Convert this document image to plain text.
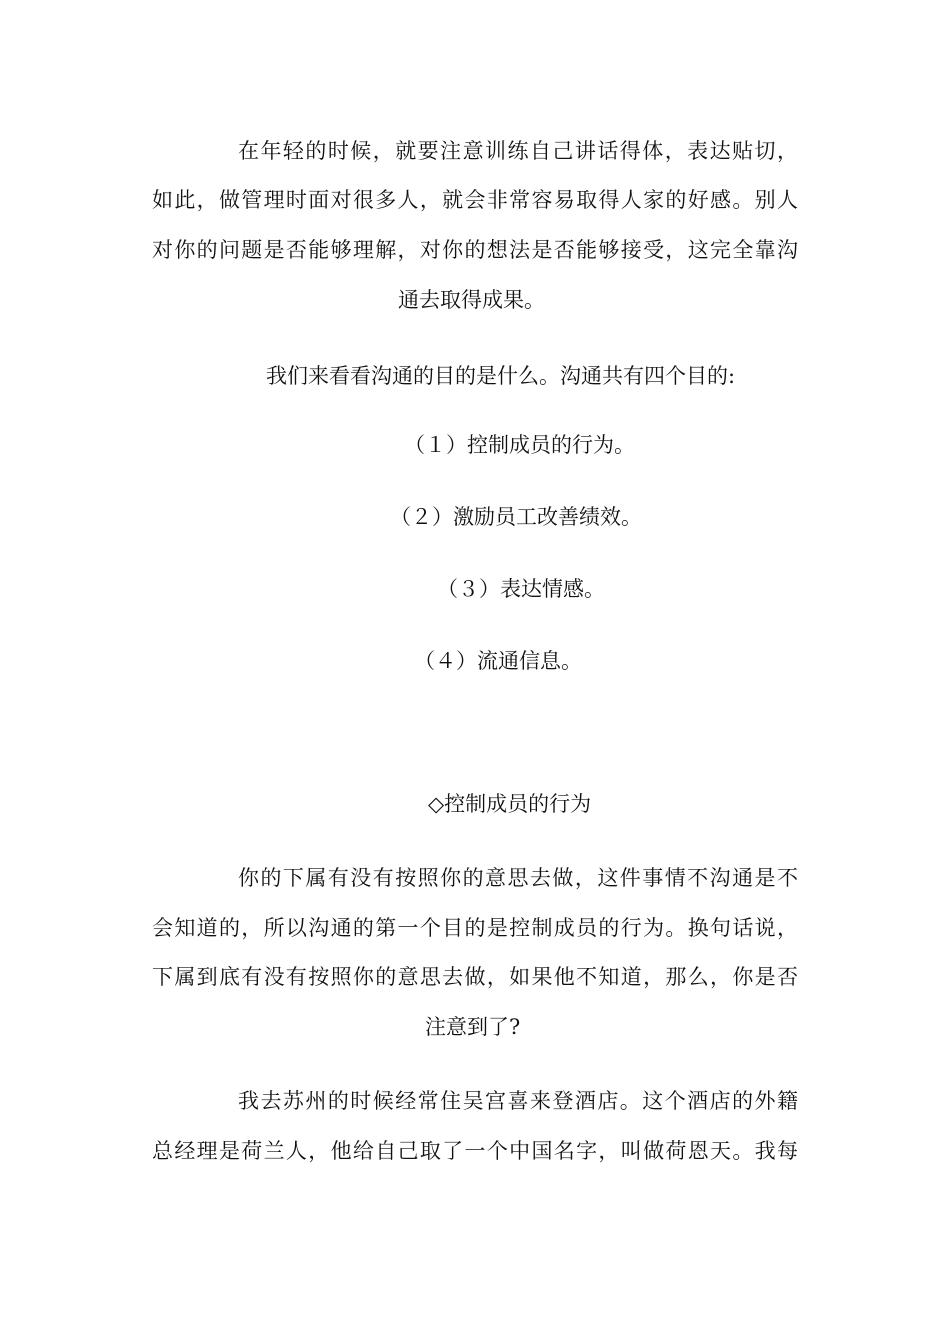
在年轻的时候，就要注意训练自己讲话得体，表达贴切，
如此，做管理时面对很多人，就会非常容易取得人家的好感。别人
对你的问题是否能够理解，对你的想法是否能够接受，这完全靠沟
通去取得成果。
我们来看看沟通的目的是什么。沟通共有四个目的:
（１）控制成员的行为。
（２）激励员工改善绩效。
（３）表达情感。
（４）流通信息。
◇控制成员的行为
你的下属有没有按照你的意思去做，这件事情不沟通是不
会知道的，所以沟通的第一个目的是控制成员的行为。换句话说，
下属到底有没有按照你的意思去做，如果他不知道，那么，你是否
注意到了?
我去苏州的时候经常住吴宫喜来登酒店。这个酒店的外籍
总经理是荷兰人，他给自己取了一个中国名字，叫做荷恩天。我每
